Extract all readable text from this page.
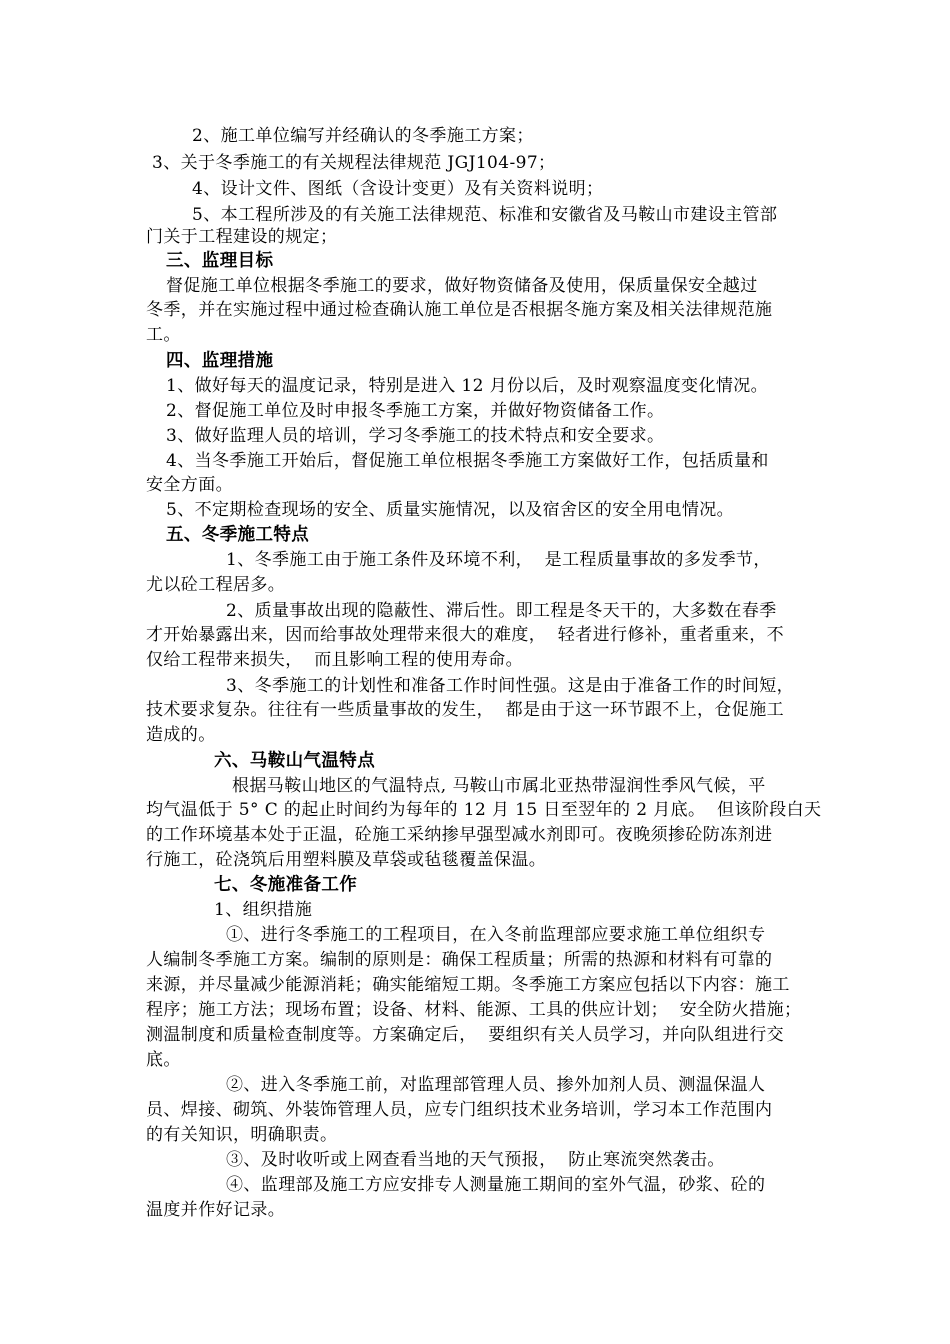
2、施工单位编写并经确认的冬季施工方案；
3、关于冬季施工的有关规程法律规范 JGJ104-97；
4、设计文件、图纸（含设计变更）及有关资料说明；
5、本工程所涉及的有关施工法律规范、标准和安徽省及马鞍山市建设主管部
门关于工程建设的规定；
三、监理目标
督促施工单位根据冬季施工的要求，做好物资储备及使用，保质量保安全越过
冬季，并在实施过程中通过检查确认施工单位是否根据冬施方案及相关法律规范施
工。
四、监理措施
1、做好每天的温度记录，特别是进入 12 月份以后，及时观察温度变化情况。
2、督促施工单位及时申报冬季施工方案，并做好物资储备工作。
3、做好监理人员的培训，学习冬季施工的技术特点和安全要求。
4、当冬季施工开始后，督促施工单位根据冬季施工方案做好工作，包括质量和
安全方面。
5、不定期检查现场的安全、质量实施情况，以及宿舍区的安全用电情况。
五、冬季施工特点
1、冬季施工由于施工条件及环境不利，  是工程质量事故的多发季节，
尤以砼工程居多。
2、质量事故出现的隐蔽性、滞后性。即工程是冬天干的，大多数在春季
才开始暴露出来，因而给事故处理带来很大的难度，  轻者进行修补，重者重来，不
仅给工程带来损失，  而且影响工程的使用寿命。
3、冬季施工的计划性和准备工作时间性强。这是由于准备工作的时间短，
技术要求复杂。往往有一些质量事故的发生，  都是由于这一环节跟不上，仓促施工
造成的。
六、马鞍山气温特点
根据马鞍山地区的气温特点, 马鞍山市属北亚热带湿润性季风气候，平
均气温低于 5° C 的起止时间约为每年的 12 月 15 日至翌年的 2 月底。  但该阶段白天
的工作环境基本处于正温，砼施工采纳掺早强型减水剂即可。夜晚须掺砼防冻剂进
行施工，砼浇筑后用塑料膜及草袋或毡毯覆盖保温。
七、冬施准备工作
1、组织措施
①、进行冬季施工的工程项目，在入冬前监理部应要求施工单位组织专
人编制冬季施工方案。编制的原则是：确保工程质量；所需的热源和材料有可靠的
来源，并尽量减少能源消耗；确实能缩短工期。冬季施工方案应包括以下内容：施工
程序；施工方法；现场布置；设备、材料、能源、工具的供应计划；  安全防火措施；
测温制度和质量检查制度等。方案确定后，  要组织有关人员学习，并向队组进行交
底。
②、进入冬季施工前，对监理部管理人员、掺外加剂人员、测温保温人
员、焊接、砌筑、外装饰管理人员，应专门组织技术业务培训，学习本工作范围内
的有关知识，明确职责。
③、及时收听或上网查看当地的天气预报，  防止寒流突然袭击。
④、监理部及施工方应安排专人测量施工期间的室外气温，砂浆、砼的
温度并作好记录。
